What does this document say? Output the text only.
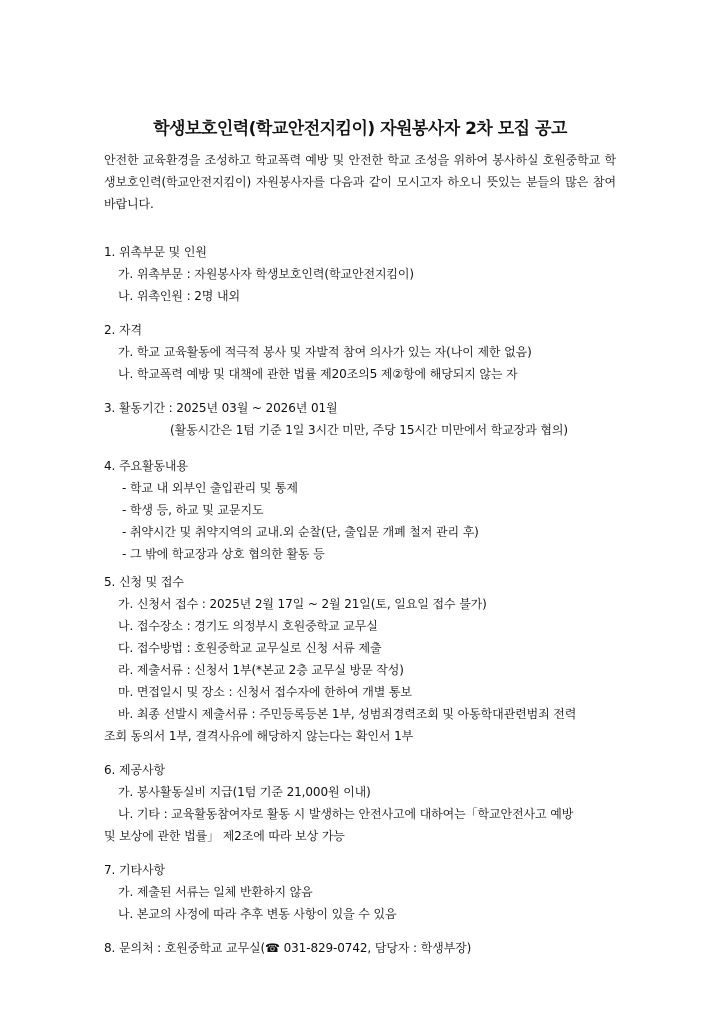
학생보호인력(학교안전지킴이) 자원봉사자 2차 모집 공고
안전한 교육환경을 조성하고 학교폭력 예방 및 안전한 학교 조성을 위하여 봉사하실 호원중학교 학생보호인력(학교안전지킴이) 자원봉사자를 다음과 같이 모시고자 하오니 뜻있는 분들의 많은 참여 바랍니다.
1. 위촉부문 및 인원
가. 위촉부문 : 자원봉사자 학생보호인력(학교안전지킴이)
나. 위촉인원 : 2명 내외
2. 자격
가. 학교 교육활동에 적극적 봉사 및 자발적 참여 의사가 있는 자(나이 제한 없음)
나. 학교폭력 예방 및 대책에 관한 법률 제20조의5 제②항에 해당되지 않는 자
3. 활동기간 : 2025년 03월 ~ 2026년 01월
(활동시간은 1텀 기준 1일 3시간 미만, 주당 15시간 미만에서 학교장과 협의)
4. 주요활동내용
- 학교 내 외부인 출입관리 및 통제
- 학생 등, 하교 및 교문지도
- 취약시간 및 취약지역의 교내.외 순찰(단, 출입문 개폐 철저 관리 후)
- 그 밖에 학교장과 상호 협의한 활동 등
5. 신청 및 접수
가. 신청서 접수 : 2025년 2월 17일 ~ 2월 21일(토, 일요일 접수 불가)
나. 접수장소 : 경기도 의정부시 호원중학교 교무실
다. 접수방법 : 호원중학교 교무실로 신청 서류 제출
라. 제출서류 : 신청서 1부(*본교 2층 교무실 방문 작성)
마. 면접일시 및 장소 : 신청서 접수자에 한하여 개별 통보
바. 최종 선발시 제출서류 : 주민등록등본 1부, 성범죄경력조회 및 아동학대관련범죄 전력
조회 동의서 1부, 결격사유에 해당하지 않는다는 확인서 1부
6. 제공사항
가. 봉사활동실비 지급(1텀 기준 21,000원 이내)
나. 기타 : 교육활동참여자로 활동 시 발생하는 안전사고에 대하여는「학교안전사고 예방
및 보상에 관한 법률」 제2조에 따라 보상 가능
7. 기타사항
가. 제출된 서류는 일체 반환하지 않음
나. 본교의 사정에 따라 추후 변동 사항이 있을 수 있음
8. 문의처 : 호원중학교 교무실(☎ 031-829-0742, 담당자 : 학생부장)
